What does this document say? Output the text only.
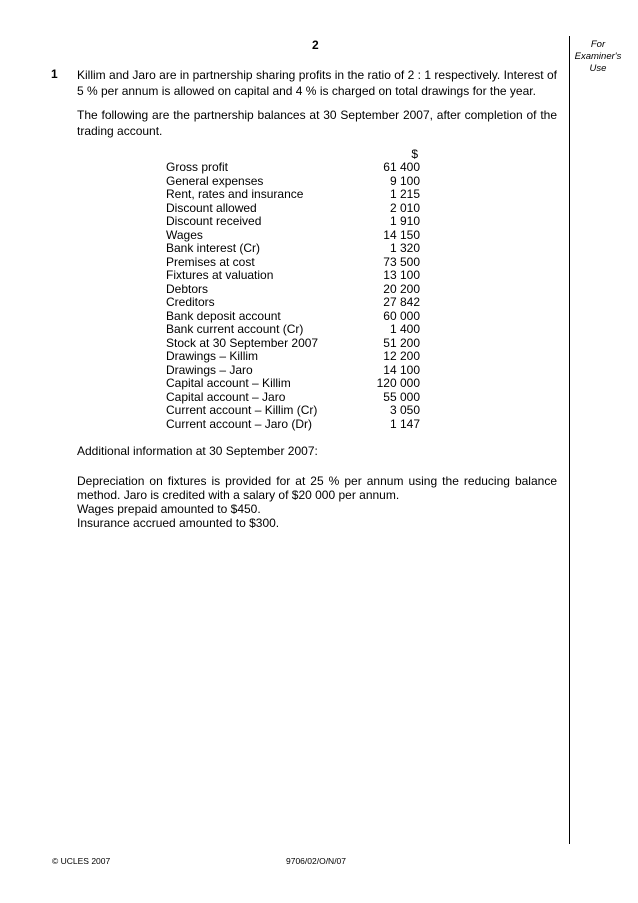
2	For
Examiner's
Use
1 Killim and Jaro are in partnership sharing profits in the ratio of 2 : 1 respectively. Interest of 5 % per annum is allowed on capital and 4 % is charged on total drawings for the year.
The following are the partnership balances at 30 September 2007, after completion of the trading account.
$
Gross profit	61 400
General expenses	9 100
Rent, rates and insurance	1 215
Discount allowed	2 010
Discount received	1 910
Wages	14 150
Bank interest (Cr)	1 320
Premises at cost	73 500
Fixtures at valuation	13 100
Debtors	20 200
Creditors	27 842
Bank deposit account	60 000
Bank current account (Cr)	1 400
Stock at 30 September 2007	51 200
Drawings – Killim	12 200
Drawings – Jaro	14 100
Capital account – Killim	120 000
Capital account – Jaro	55 000
Current account – Killim (Cr)	3 050
Current account – Jaro (Dr)	1 147
Additional information at 30 September 2007:
Depreciation on fixtures is provided for at 25 % per annum using the reducing balance method. Jaro is credited with a salary of $20 000 per annum.
Wages prepaid amounted to $450.
Insurance accrued amounted to $300.
© UCLES 2007	9706/02/O/N/07
